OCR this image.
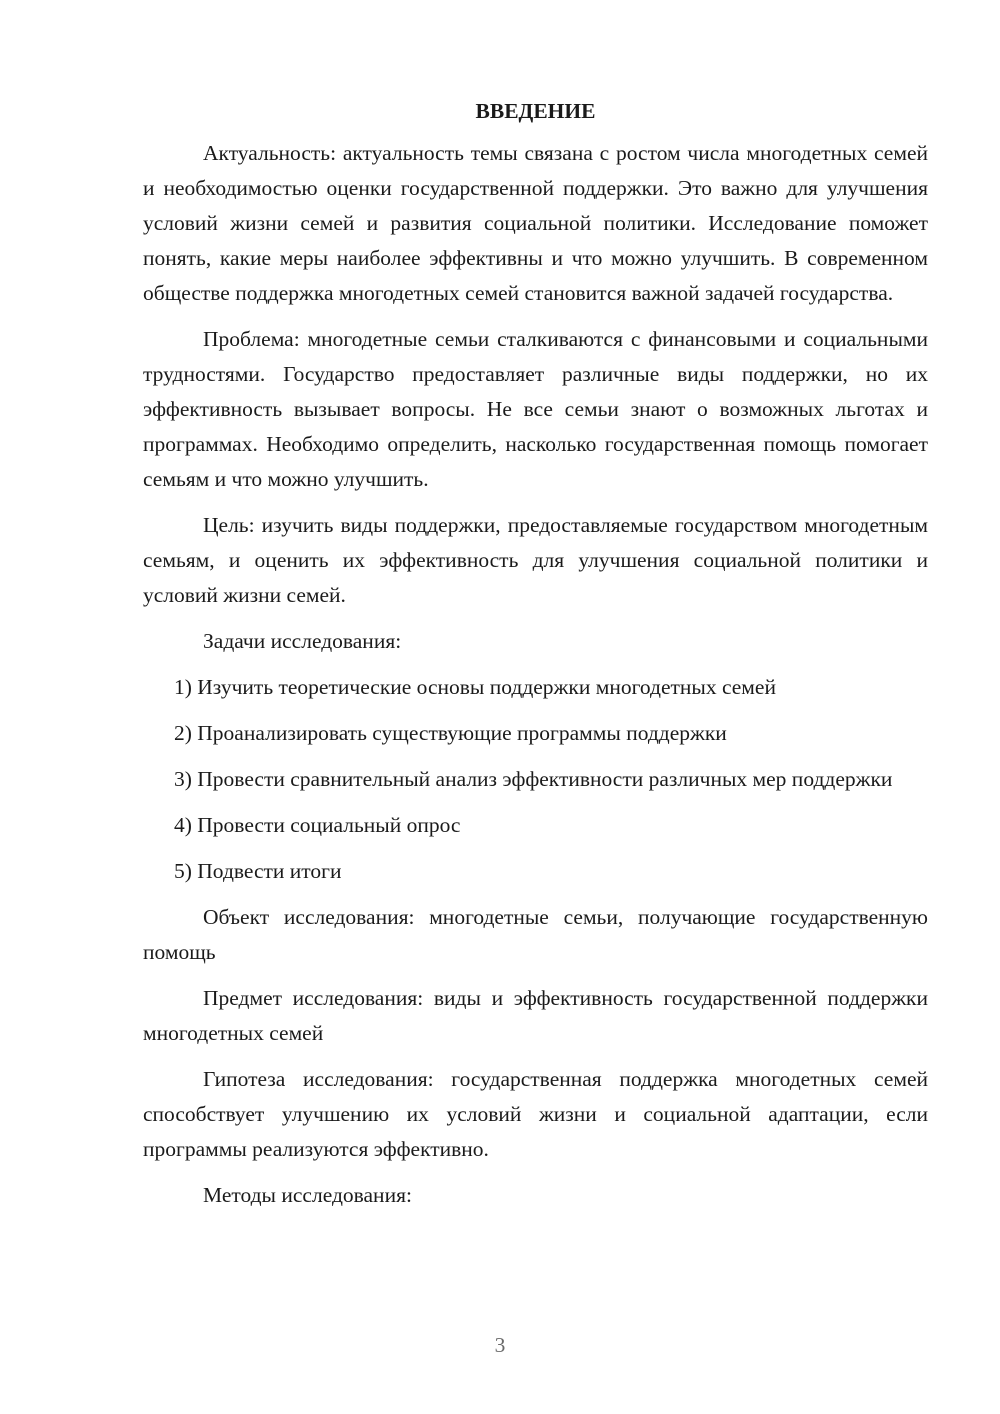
ВВЕДЕНИЕ

Актуальность: актуальность темы связана с ростом числа многодетных семей и необходимостью оценки государственной поддержки. Это важно для улучшения условий жизни семей и развития социальной политики. Исследование поможет понять, какие меры наиболее эффективны и что можно улучшить. В современном обществе поддержка многодетных семей становится важной задачей государства.

Проблема: многодетные семьи сталкиваются с финансовыми и социальными трудностями. Государство предоставляет различные виды поддержки, но их эффективность вызывает вопросы. Не все семьи знают о возможных льготах и программах. Необходимо определить, насколько государственная помощь помогает семьям и что можно улучшить.

Цель: изучить виды поддержки, предоставляемые государством многодетным семьям, и оценить их эффективность для улучшения социальной политики и условий жизни семей.

Задачи исследования:

1) Изучить теоретические основы поддержки многодетных семей

2) Проанализировать существующие программы поддержки

3) Провести сравнительный анализ эффективности различных мер поддержки

4) Провести социальный опрос

5) Подвести итоги

Объект исследования: многодетные семьи, получающие государственную помощь

Предмет исследования: виды и эффективность государственной поддержки многодетных семей

Гипотеза исследования: государственная поддержка многодетных семей способствует улучшению их условий жизни и социальной адаптации, если программы реализуются эффективно.

Методы исследования:

3
